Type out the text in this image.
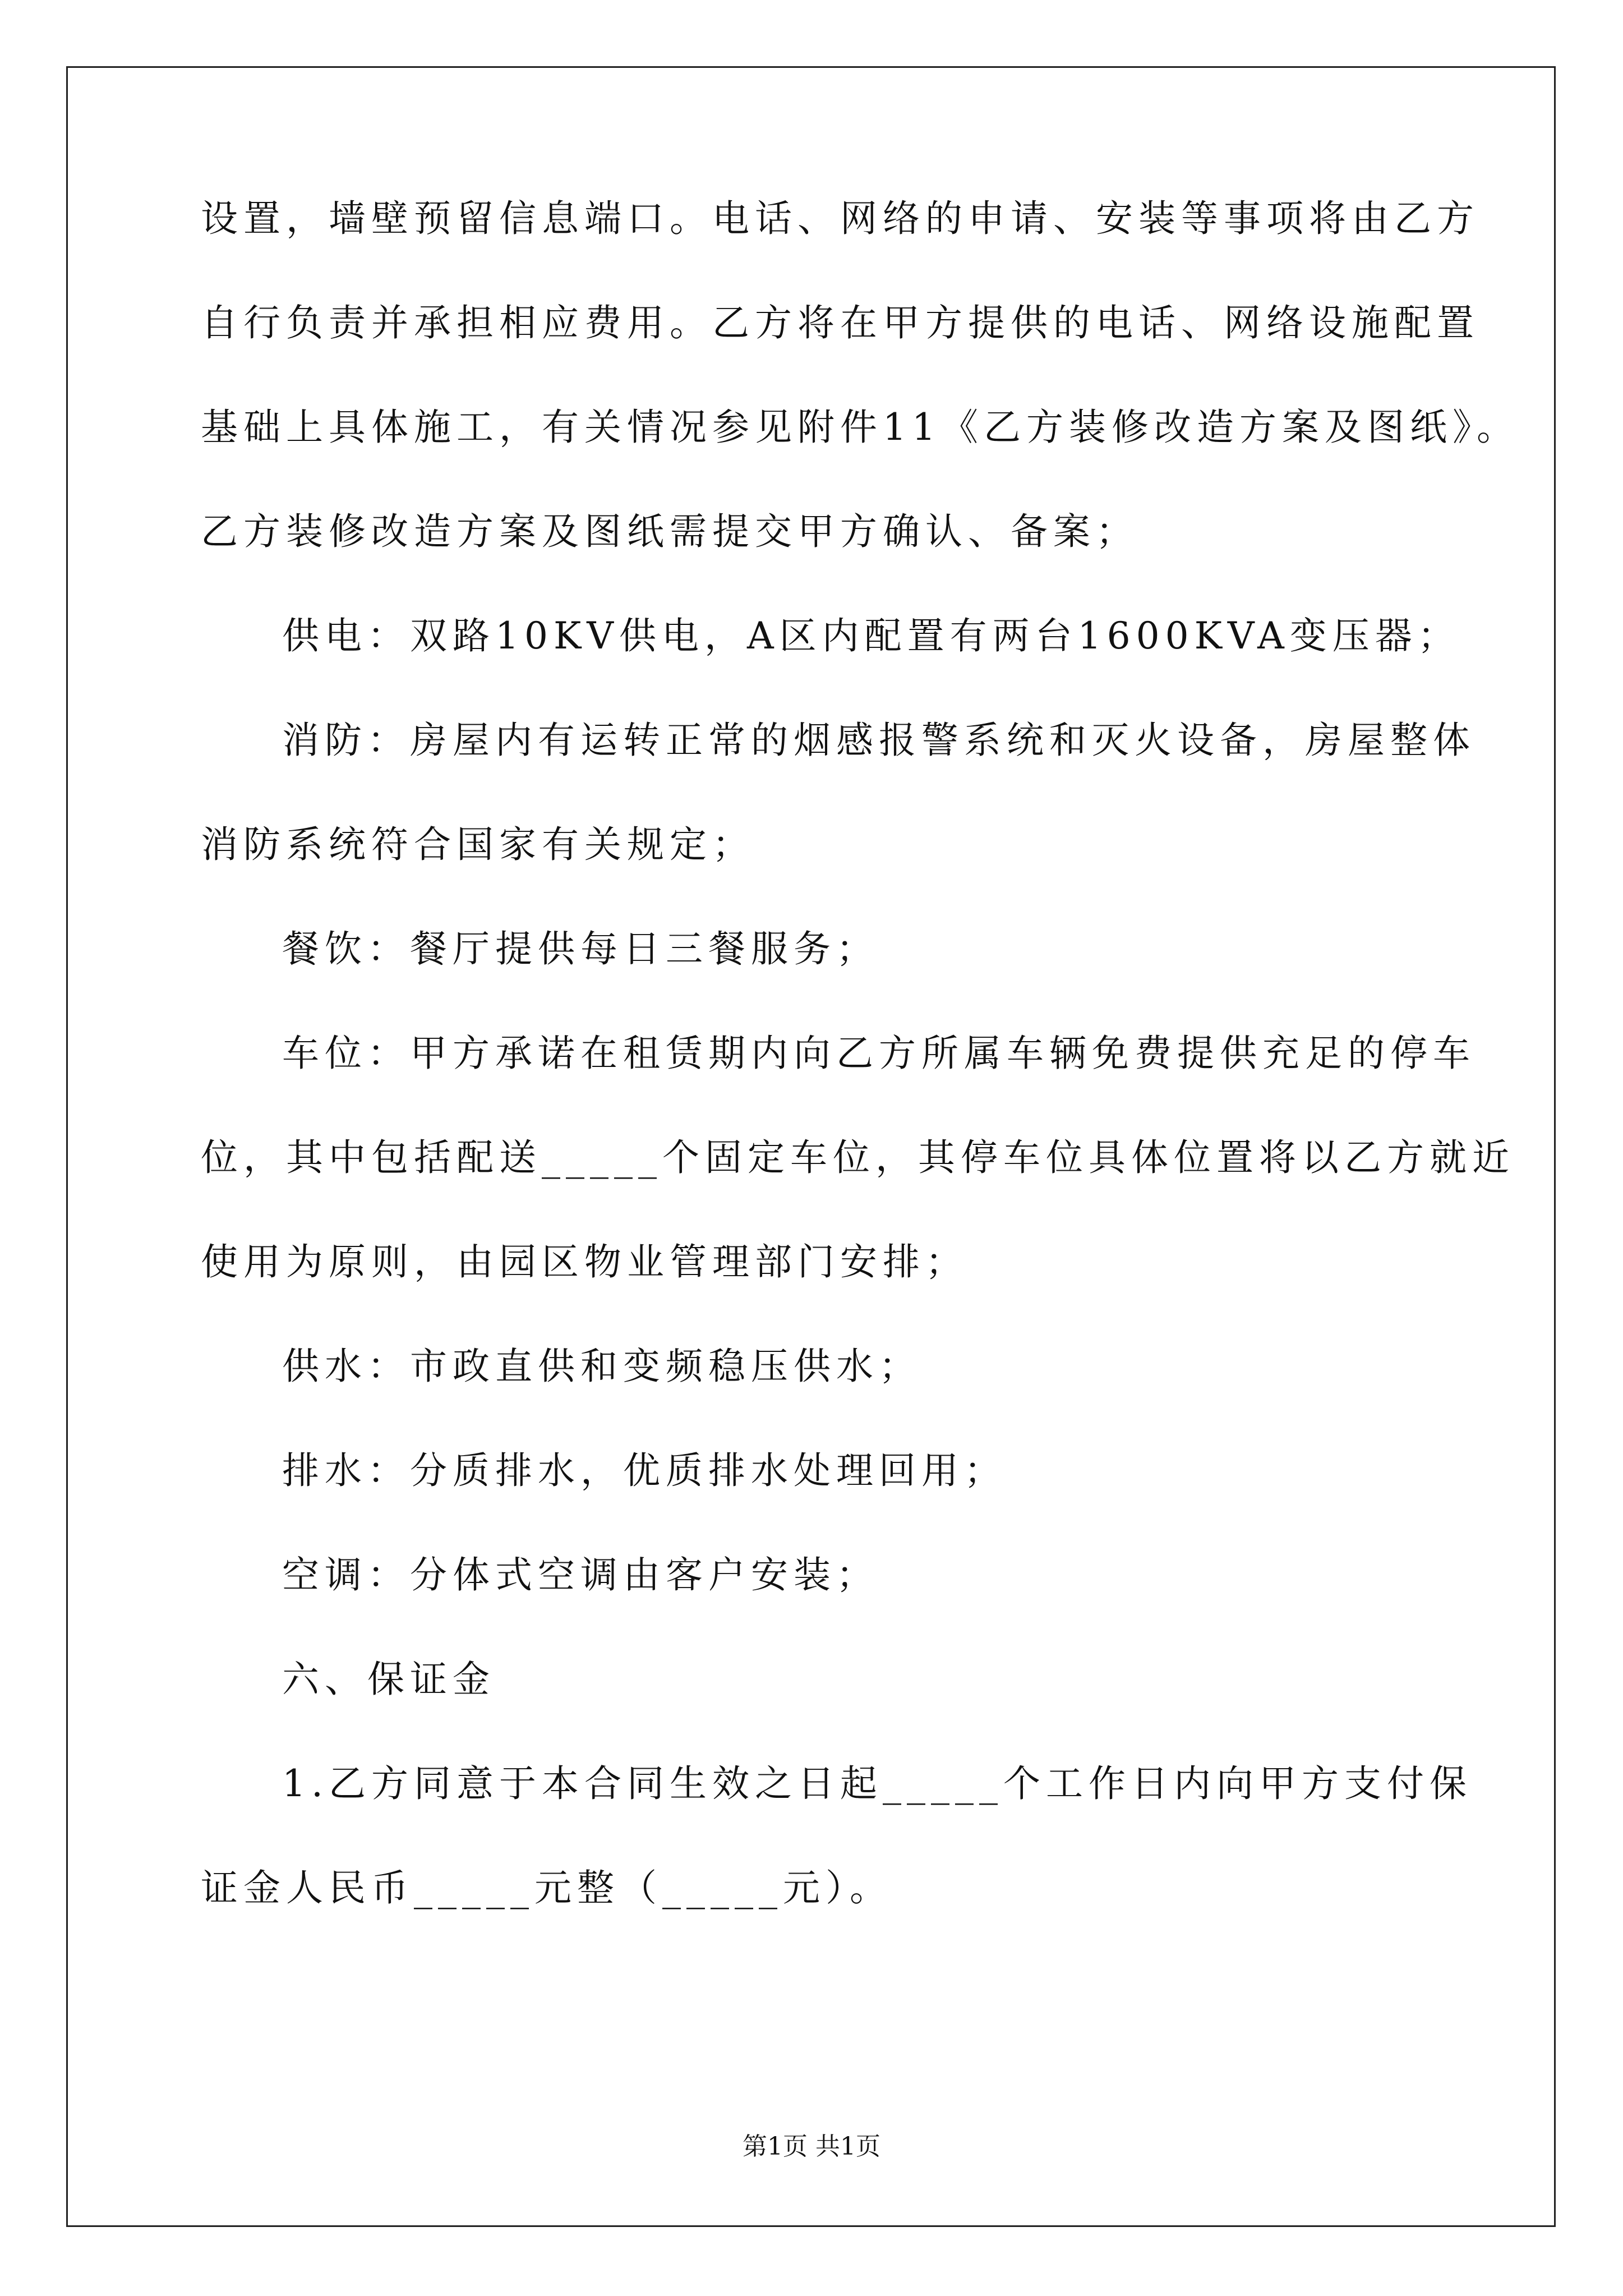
设置，墙壁预留信息端口。电话、网络的申请、安装等事项将由乙方
自行负责并承担相应费用。乙方将在甲方提供的电话、网络设施配置
基础上具体施工，有关情况参见附件11《乙方装修改造方案及图纸》。
乙方装修改造方案及图纸需提交甲方确认、备案；
供电：双路10KV供电，A区内配置有两台1600KVA变压器；
消防：房屋内有运转正常的烟感报警系统和灭火设备，房屋整体
消防系统符合国家有关规定；
餐饮：餐厅提供每日三餐服务；
车位：甲方承诺在租赁期内向乙方所属车辆免费提供充足的停车
位，其中包括配送_____个固定车位，其停车位具体位置将以乙方就近
使用为原则，由园区物业管理部门安排；
供水：市政直供和变频稳压供水；
排水：分质排水，优质排水处理回用；
空调：分体式空调由客户安装；
六、保证金
1.乙方同意于本合同生效之日起_____个工作日内向甲方支付保
证金人民币_____元整（_____元）。
第1页 共1页
